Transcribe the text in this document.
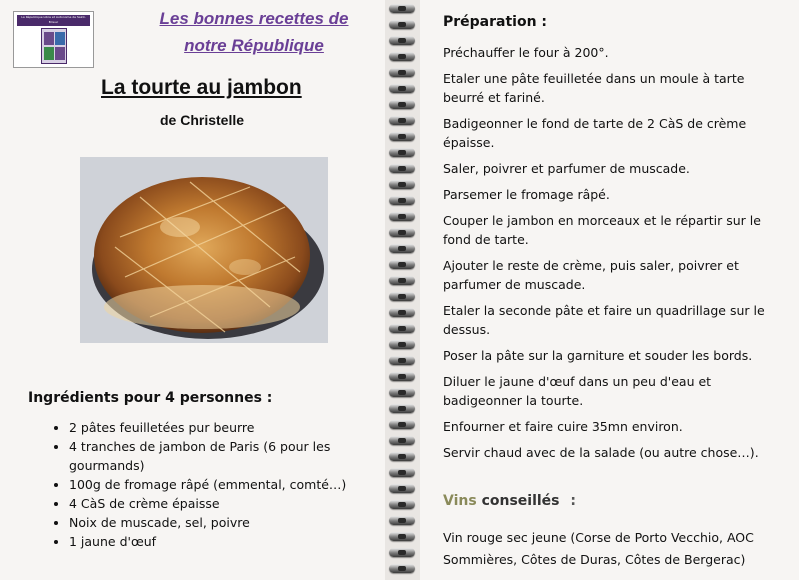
La République Libre et Autonome de Saint-Brieuc	Les bonnes recettes de
notre République
La tourte au jambon
de Christelle
Ingrédients pour 4 personnes :
• 2 pâtes feuilletées pur beurre
• 4 tranches de jambon de Paris (6 pour les gourmands)
• 100g de fromage râpé (emmental, comté…)
• 4 CàS de crème épaisse
• Noix de muscade, sel, poivre
• 1 jaune d'œuf
Préparation :

Préchauffer le four à 200°.

Etaler une pâte feuilletée dans un moule à tarte beurré et fariné.

Badigeonner le fond de tarte de 2 CàS de crème épaisse.

Saler, poivrer et parfumer de muscade.

Parsemer le fromage râpé.

Couper le jambon en morceaux et le répartir sur le fond de tarte.

Ajouter le reste de crème, puis saler, poivrer et parfumer de muscade.

Etaler la seconde pâte et faire un quadrillage sur le dessus.

Poser la pâte sur la garniture et souder les bords.

Diluer le jaune d'œuf dans un peu d'eau et badigeonner la tourte.

Enfourner et faire cuire 35mn environ.

Servir chaud avec de la salade (ou autre chose…).

Vins conseillés :
Vin rouge sec jeune (Corse de Porto Vecchio, AOC Sommières, Côtes de Duras, Côtes de Bergerac)
